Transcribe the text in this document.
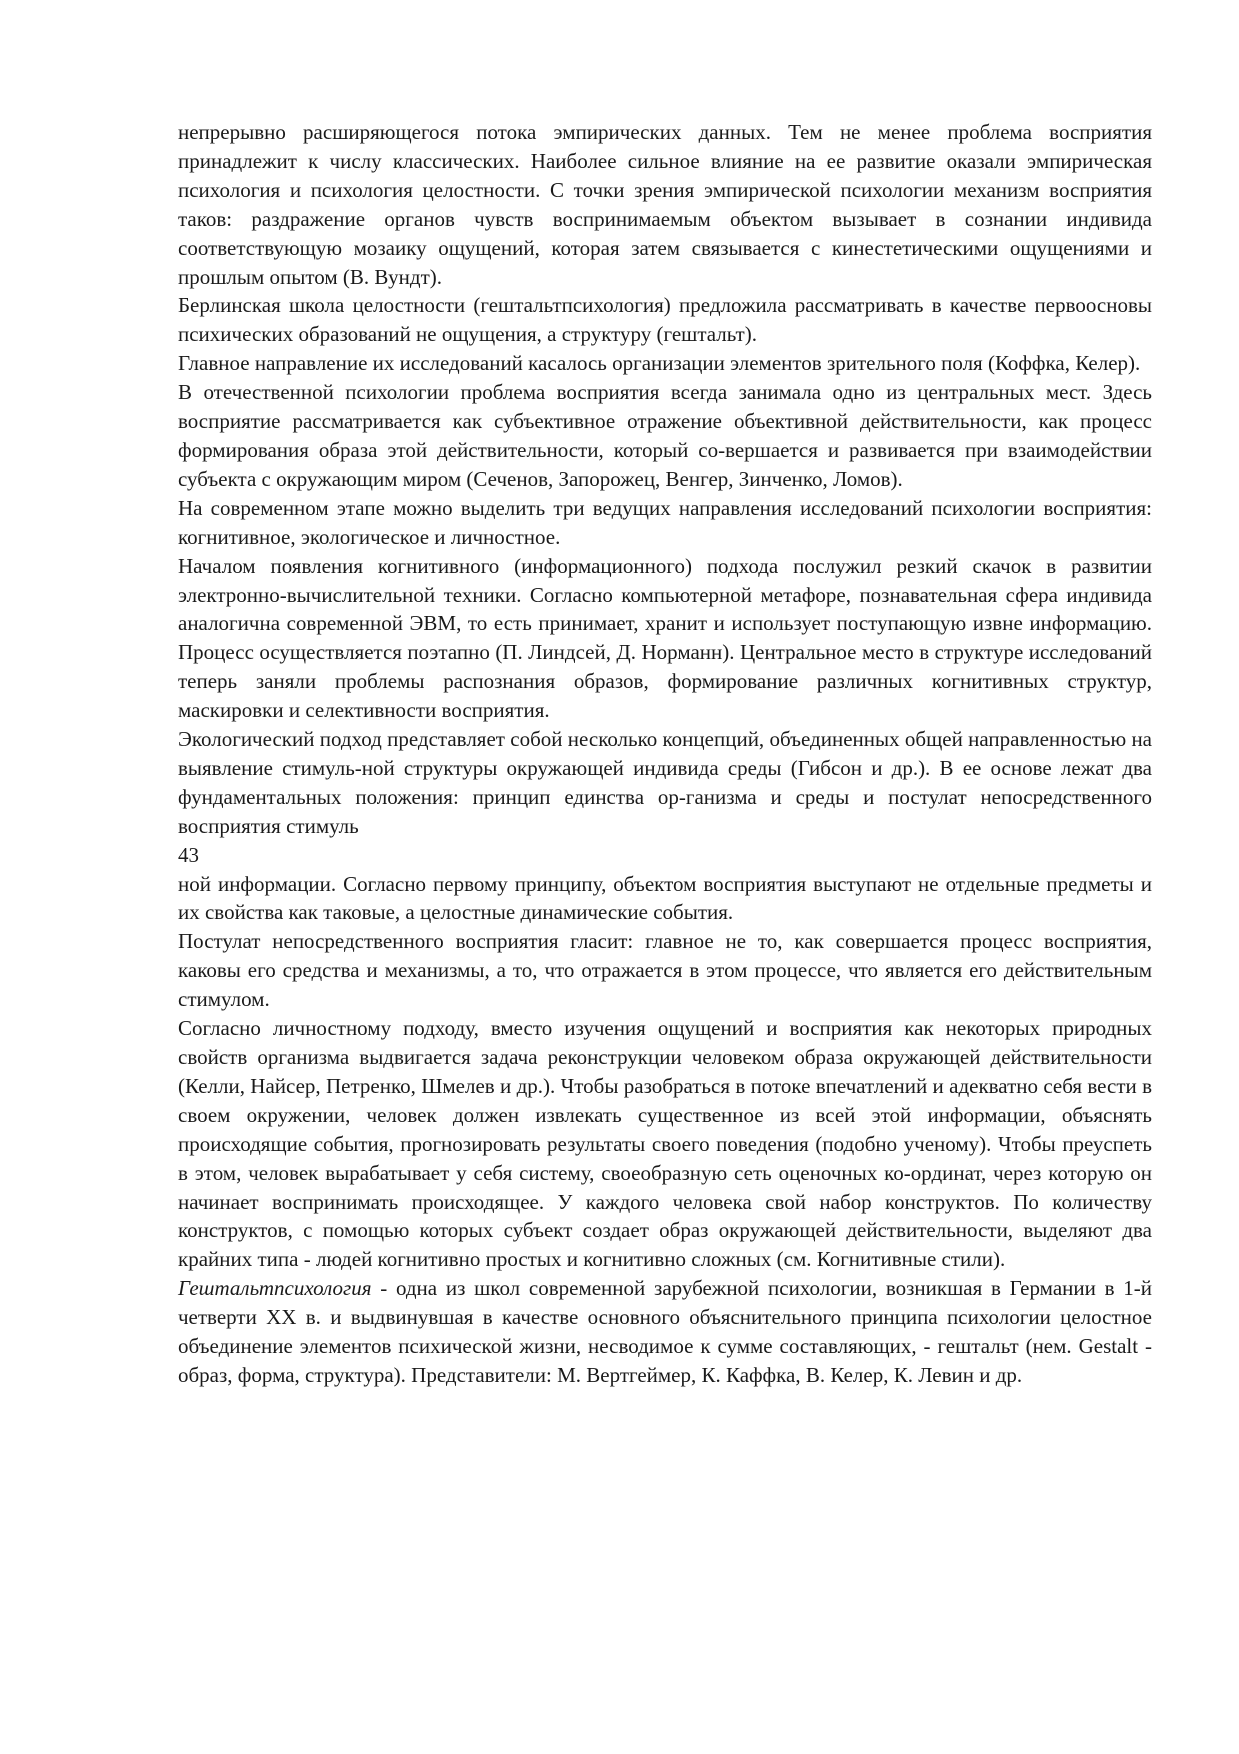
непрерывно расширяющегося потока эмпирических данных. Тем не менее проблема восприятия принадлежит к числу классических. Наиболее сильное влияние на ее развитие оказали эмпирическая психология и психология целостности. С точки зрения эмпирической психологии механизм восприятия таков: раздражение органов чувств воспринимаемым объектом вызывает в сознании индивида соответствующую мозаику ощущений, которая затем связывается с кинестетическими ощущениями и прошлым опытом (В. Вундт).

Берлинская школа целостности (гештальтпсихология) предложила рассматривать в качестве первоосновы психических образований не ощущения, а структуру (гештальт).

Главное направление их исследований касалось организации элементов зрительного поля (Коффка, Келер).

В отечественной психологии проблема восприятия всегда занимала одно из центральных мест. Здесь восприятие рассматривается как субъективное отражение объективной действительности, как процесс формирования образа этой действительности, который со-вершается и развивается при взаимодействии субъекта с окружающим миром (Сеченов, Запорожец, Венгер, Зинченко, Ломов).

На современном этапе можно выделить три ведущих направления исследований психологии восприятия: когнитивное, экологическое и личностное.

Началом появления когнитивного (информационного) подхода послужил резкий скачок в развитии электронно-вычислительной техники. Согласно компьютерной метафоре, познавательная сфера индивида аналогична современной ЭВМ, то есть принимает, хранит и использует поступающую извне информацию. Процесс осуществляется поэтапно (П. Линдсей, Д. Норманн). Центральное место в структуре исследований теперь заняли проблемы распознания образов, формирование различных когнитивных структур, маскировки и селективности восприятия.

Экологический подход представляет собой несколько концепций, объединенных общей направленностью на выявление стимуль-ной структуры окружающей индивида среды (Гибсон и др.). В ее основе лежат два фундаментальных положения: принцип единства ор-ганизма и среды и постулат непосредственного восприятия стимуль

43

ной информации. Согласно первому принципу, объектом восприятия выступают не отдельные предметы и их свойства как таковые, а целостные динамические события.

Постулат непосредственного восприятия гласит: главное не то, как совершается процесс восприятия, каковы его средства и механизмы, а то, что отражается в этом процессе, что является его действительным стимулом.

Согласно личностному подходу, вместо изучения ощущений и восприятия как некоторых природных свойств организма выдвигается задача реконструкции человеком образа окружающей действительности (Келли, Найсер, Петренко, Шмелев и др.). Чтобы разобраться в потоке впечатлений и адекватно себя вести в своем окружении, человек должен извлекать существенное из всей этой информации, объяснять происходящие события, прогнозировать результаты своего поведения (подобно ученому). Чтобы преуспеть в этом, человек вырабатывает у себя систему, своеобразную сеть оценочных ко-ординат, через которую он начинает воспринимать происходящее. У каждого человека свой набор конструктов. По количеству конструктов, с помощью которых субъект создает образ окружающей действительности, выделяют два крайних типа - людей когнитивно простых и когнитивно сложных (см. Когнитивные стили).

Гештальтпсихология - одна из школ современной зарубежной психологии, возникшая в Германии в 1-й четверти XX в. и выдвинувшая в качестве основного объяснительного принципа психологии целостное объединение элементов психической жизни, несводимое к сумме составляющих, - гештальт (нем. Gestalt - образ, форма, структура). Представители: М. Вертгеймер, К. Каффка, В. Келер, К. Левин и др.
